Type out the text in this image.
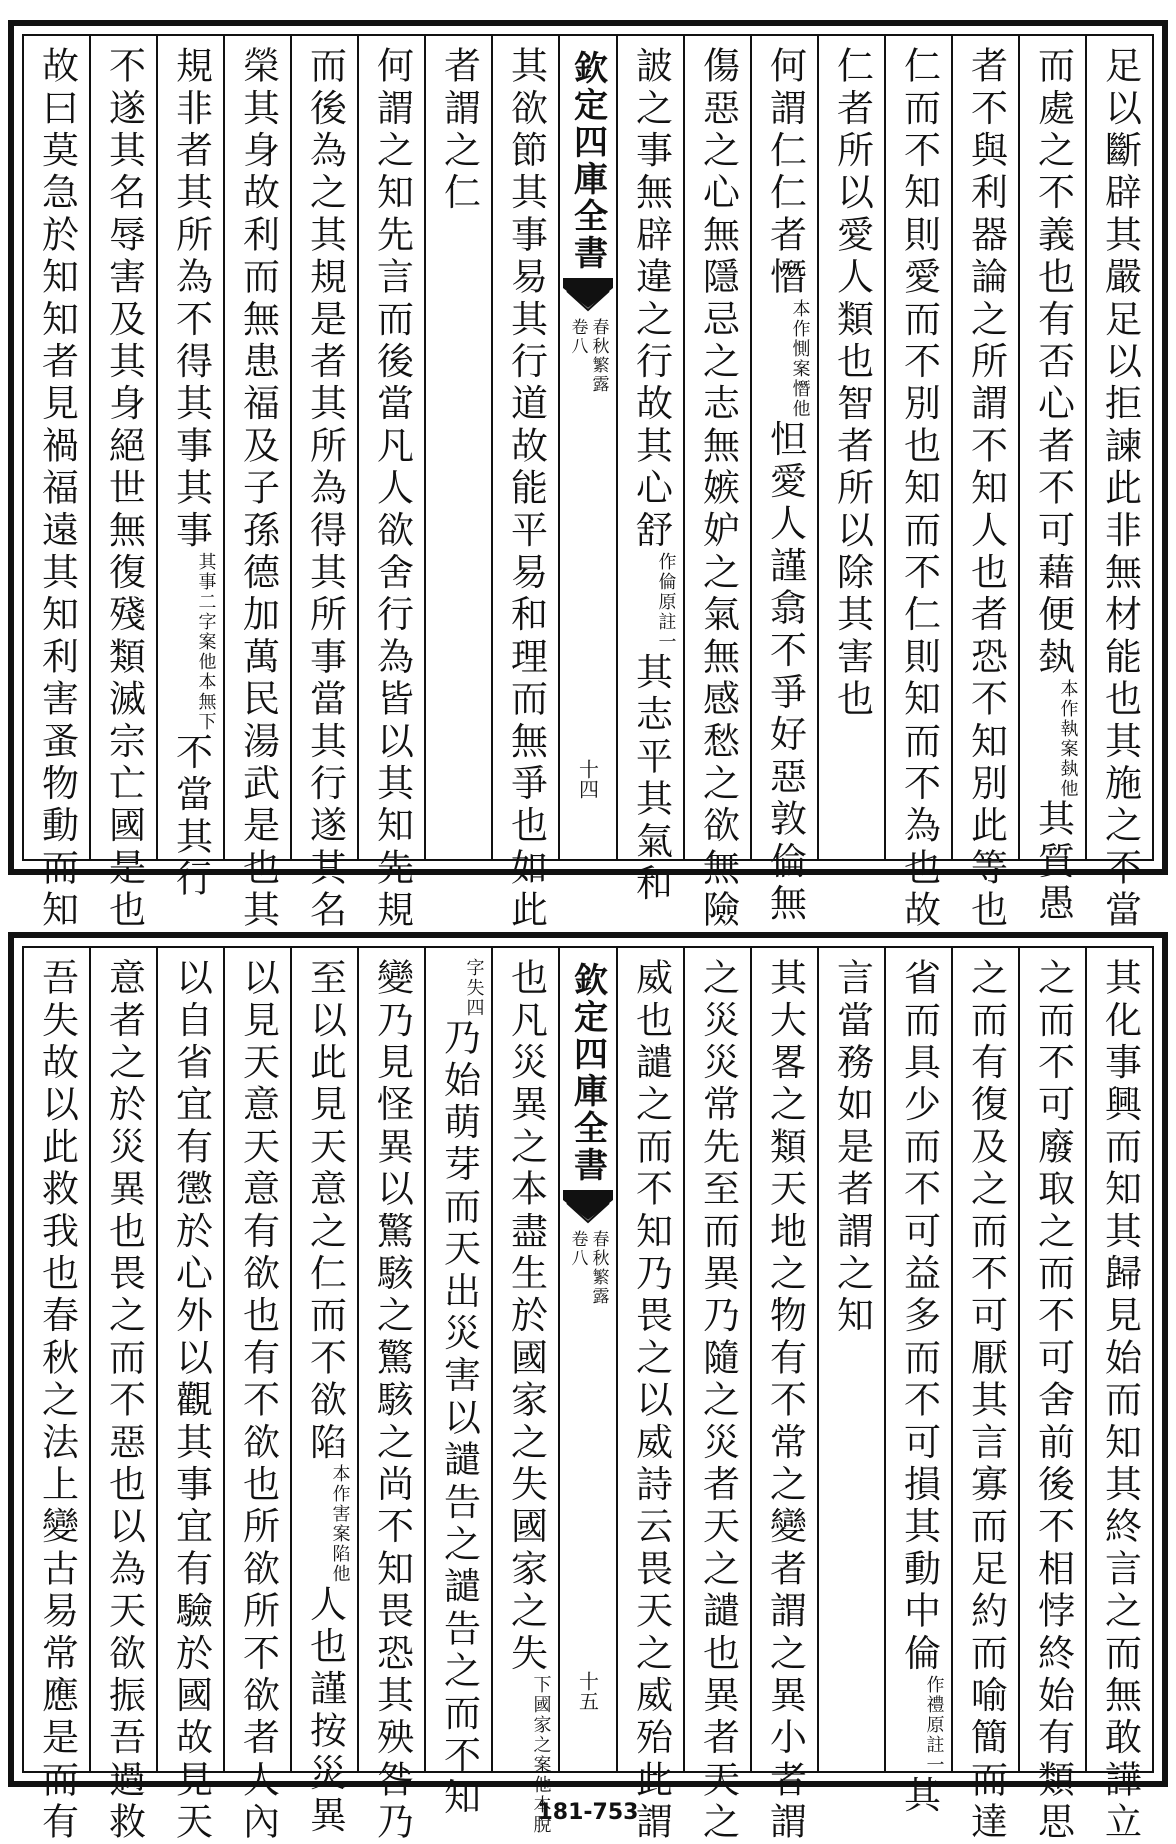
足以斷辟其嚴足以拒諫此非無材能也其施之不當
而處之不義也有否心者不可藉便埶
案埶他
本作執
其質愚
者不與利器論之所謂不知人也者恐不知別此等也
仁而不知則愛而不別也知而不仁則知而不為也故
仁者所以愛人類也智者所以除其害也
何謂仁仁者憯
案憯他
本作惻
怛愛人謹翕不爭好惡敦倫無
傷惡之心無隱忌之志無嫉妒之氣無感愁之欲無險
詖之事無辟違之行故其心舒
原註一
作倫
其志平其氣和
欽定四庫全書
春秋繁露
卷八
十四
其欲節其事易其行道故能平易和理而無爭也如此
者謂之仁
何謂之知先言而後當凡人欲舍行為皆以其知先規
而後為之其規是者其所為得其所事當其行遂其名
榮其身故利而無患福及子孫德加萬民湯武是也其
規非者其所為不得其事其事
案他本無下
其事二字
不當其行
不遂其名辱害及其身絕世無復殘類滅宗亡國是也
故曰莫急於知知者見禍福遠其知利害蚤物動而知
其化事興而知其歸見始而知其終言之而無敢譁立
之而不可廢取之而不可舍前後不相悖終始有類思
之而有復及之而不可厭其言寡而足約而喻簡而達
省而具少而不可益多而不可損其動中倫
原註一
作禮
其
言當務如是者謂之知
其大畧之類天地之物有不常之變者謂之異小者謂
之災災常先至而異乃隨之災者天之譴也異者天之
威也譴之而不知乃畏之以威詩云畏天之威殆此謂
欽定四庫全書
春秋繁露
卷八
十五
也凡災異之本盡生於國家之失國家之失
案他本脫
下國家之
失四
字
乃始萌芽而天出災害以譴告之譴告之而不知
變乃見怪異以驚駭之驚駭之尚不知畏恐其殃咎乃
至以此見天意之仁而不欲陷
案陷他
本作害
人也謹按災異
以見天意天意有欲也有不欲也所欲所不欲者人內
以自省宜有懲於心外以觀其事宜有驗於國故見天
意者之於災異也畏之而不惡也以為天欲振吾過救
吾失故以此救我也春秋之法上變古易常應是而有	181-753
